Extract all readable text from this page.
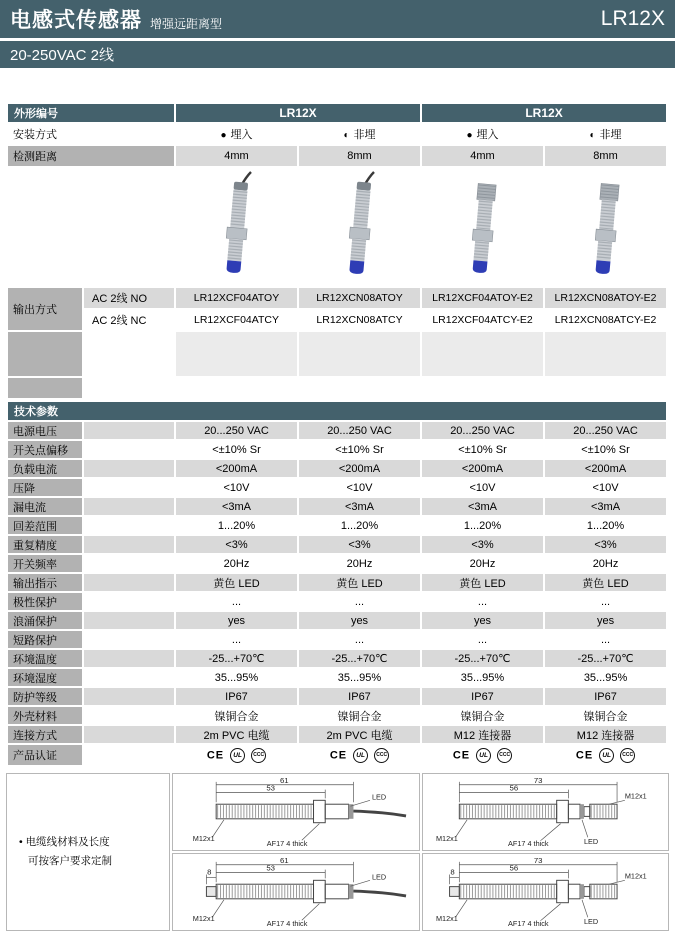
电感式传感器 增强远距离型	LR12X
20-250VAC 2线
外形编号		LR12X		LR12X	
安装方式		● 埋入	◐ 非埋	● 埋入	◐ 非埋
检测距离		4mm	8mm	4mm	8mm

输出方式	AC 2线 NO	LR12XCF04ATOY	LR12XCN08ATOY	LR12XCF04ATOY-E2	LR12XCN08ATOY-E2
	AC 2线 NC	LR12XCF04ATCY	LR12XCN08ATCY	LR12XCF04ATCY-E2	LR12XCN08ATCY-E2

技术参数					
电源电压		20...250 VAC	20...250 VAC	20...250 VAC	20...250 VAC
开关点偏移		<±10% Sr	<±10% Sr	<±10% Sr	<±10% Sr
负载电流		<200mA	<200mA	<200mA	<200mA
压降		<10V	<10V	<10V	<10V
漏电流		<3mA	<3mA	<3mA	<3mA
回差范围		1...20%	1...20%	1...20%	1...20%
重复精度		<3%	<3%	<3%	<3%
开关频率		20Hz	20Hz	20Hz	20Hz
输出指示		黄色 LED	黄色 LED	黄色 LED	黄色 LED
极性保护		...	...	...	...
浪涌保护		yes	yes	yes	yes
短路保护		...	...	...	...
环境温度		-25...+70℃	-25...+70℃	-25...+70℃	-25...+70℃
环境湿度		35...95%	35...95%	35...95%	35...95%
防护等级		IP67	IP67	IP67	IP67
外壳材料		镍铜合金	镍铜合金	镍铜合金	镍铜合金
连接方式		2m PVC 电缆	2m PVC 电缆	M12 连接器	M12 连接器
产品认证		CE UL CCC	CE UL CCC	CE UL CCC	CE UL CCC
• 电缆线材料及长度
可按客户要求定制
61
53
M12x1
AF17 4 thick
LED
73
56
M12x1
AF17 4 thick
M12x1
LED
8
61
53
M12x1
AF17 4 thick
LED
8
73
56
M12x1
AF17 4 thick
M12x1
LED
